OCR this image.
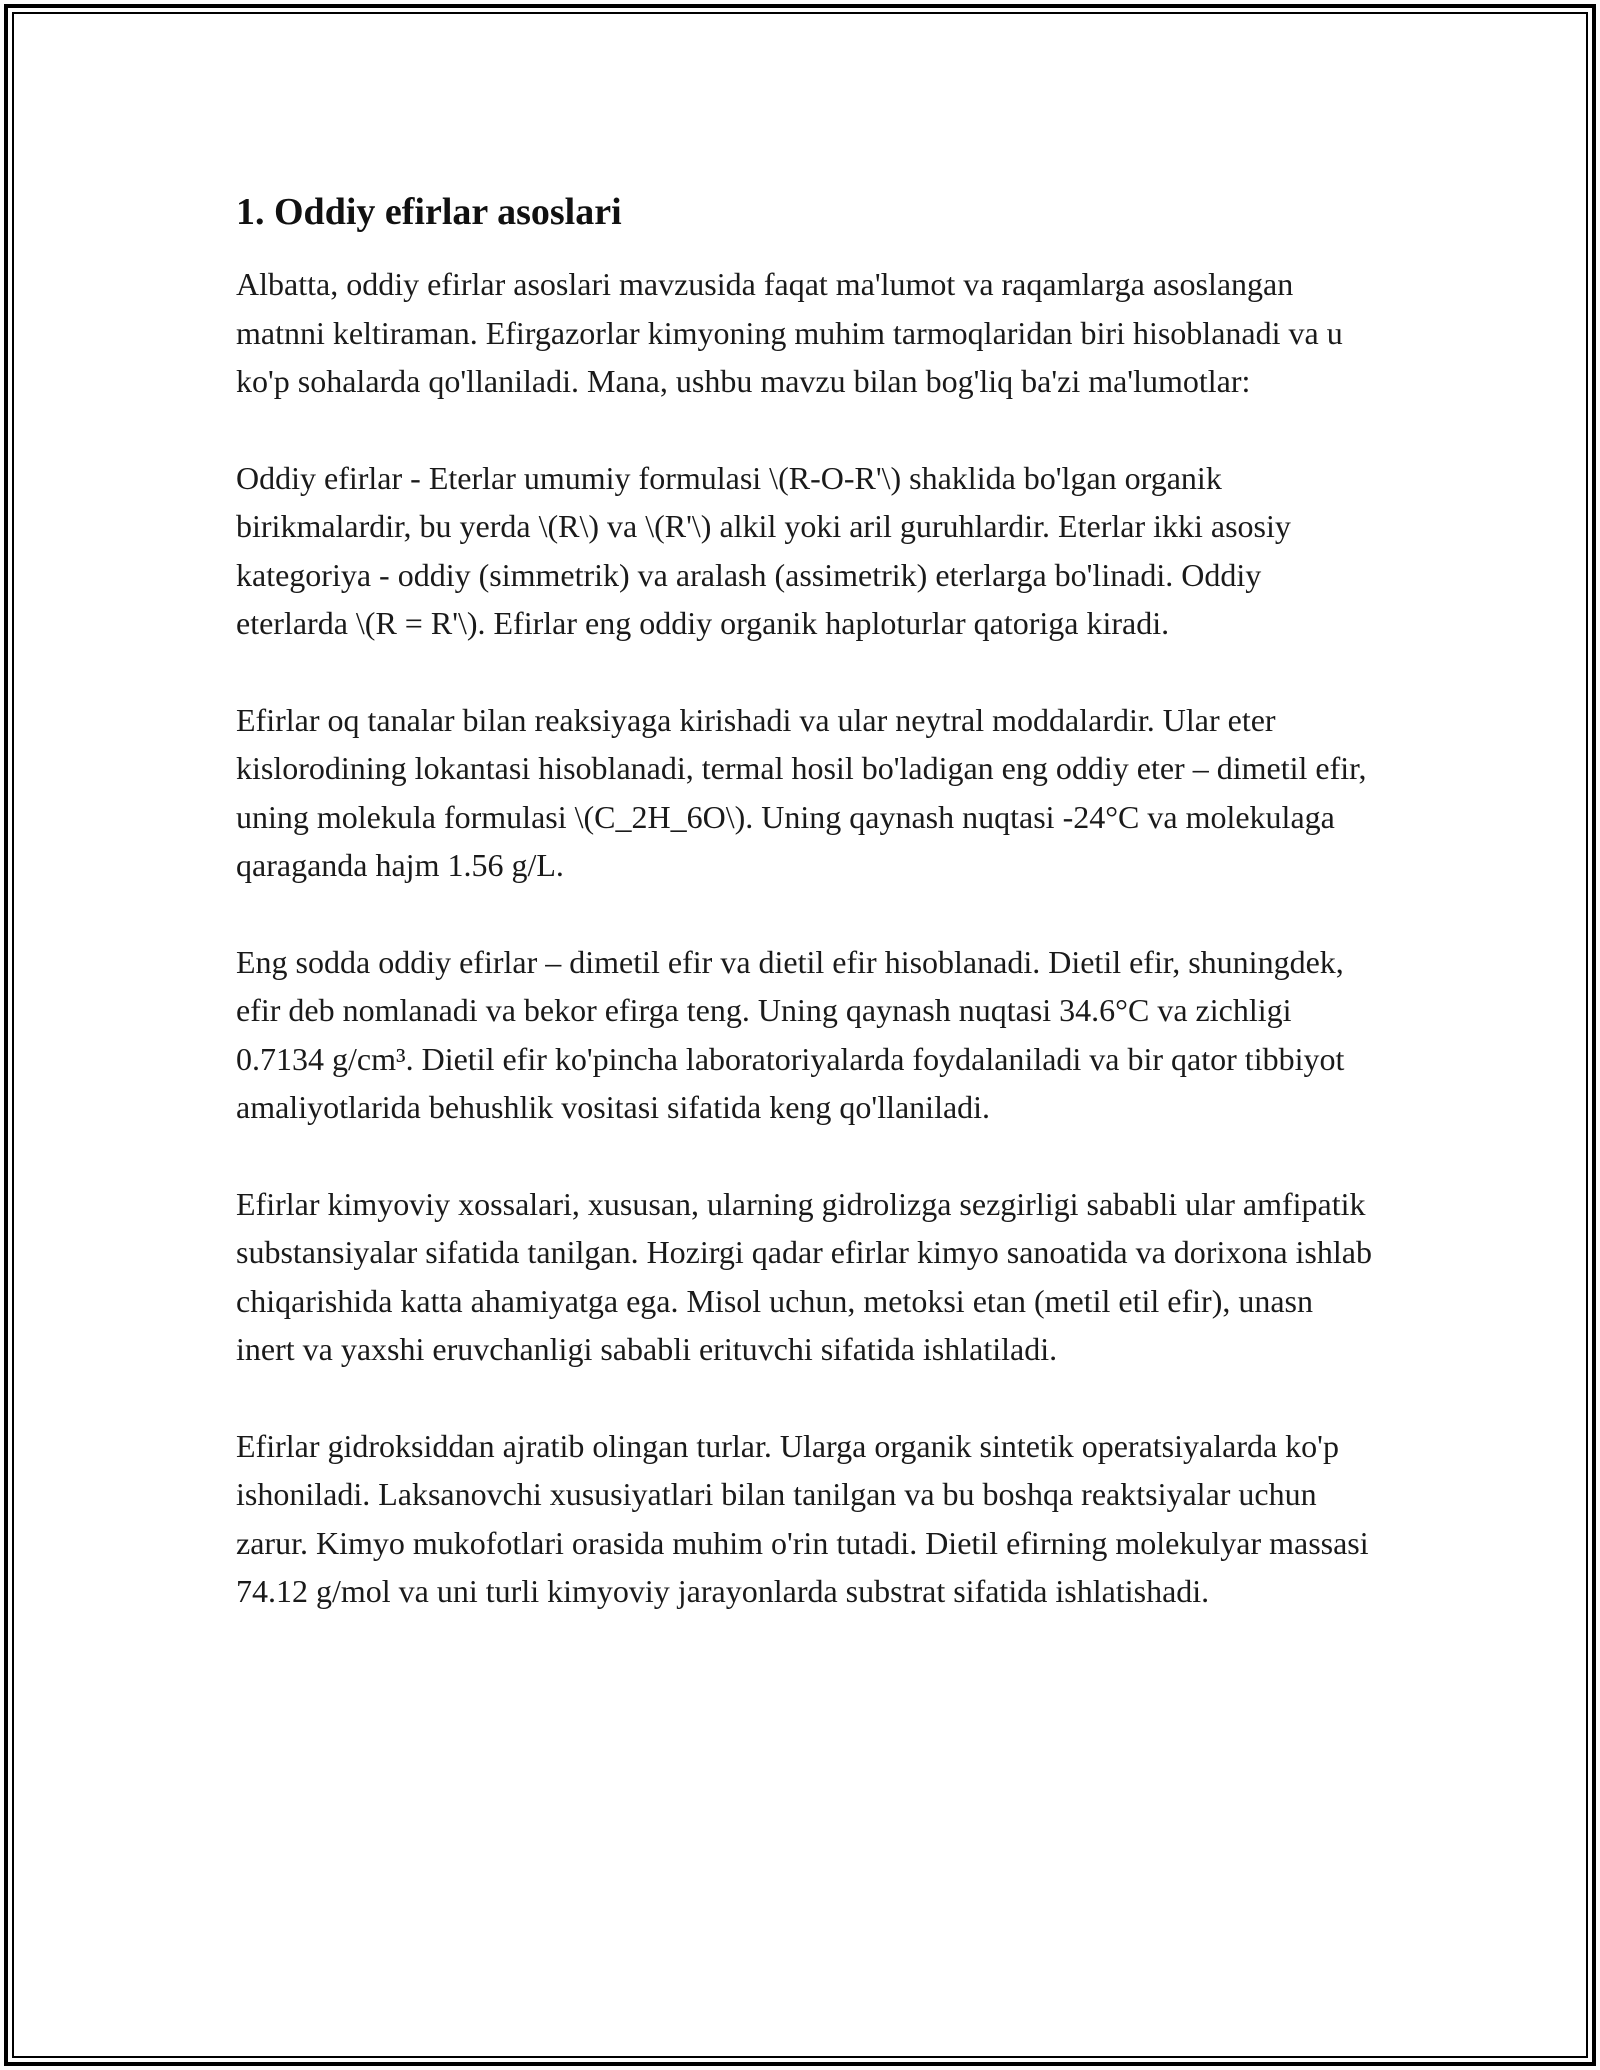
1. Oddiy efirlar asoslari

Albatta, oddiy efirlar asoslari mavzusida faqat ma'lumot va raqamlarga asoslangan matnni keltiraman. Efirgazorlar kimyoning muhim tarmoqlaridan biri hisoblanadi va u ko'p sohalarda qo'llaniladi. Mana, ushbu mavzu bilan bog'liq ba'zi ma'lumotlar:

Oddiy efirlar - Eterlar umumiy formulasi \(R-O-R'\) shaklida bo'lgan organik birikmalardir, bu yerda \(R\) va \(R'\) alkil yoki aril guruhlardir. Eterlar ikki asosiy kategoriya - oddiy (simmetrik) va aralash (assimetrik) eterlarga bo'linadi. Oddiy eterlarda \(R = R'\). Efirlar eng oddiy organik haploturlar qatoriga kiradi.

Efirlar oq tanalar bilan reaksiyaga kirishadi va ular neytral moddalardir. Ular eter kislorodining lokantasi hisoblanadi, termal hosil bo'ladigan eng oddiy eter – dimetil efir, uning molekula formulasi \(C_2H_6O\). Uning qaynash nuqtasi -24°C va molekulaga qaraganda hajm 1.56 g/L.

Eng sodda oddiy efirlar – dimetil efir va dietil efir hisoblanadi. Dietil efir, shuningdek, efir deb nomlanadi va bekor efirga teng. Uning qaynash nuqtasi 34.6°C va zichligi 0.7134 g/cm³. Dietil efir ko'pincha laboratoriyalarda foydalaniladi va bir qator tibbiyot amaliyotlarida behushlik vositasi sifatida keng qo'llaniladi.

Efirlar kimyoviy xossalari, xususan, ularning gidrolizga sezgirligi sababli ular amfipatik substansiyalar sifatida tanilgan. Hozirgi qadar efirlar kimyo sanoatida va dorixona ishlab chiqarishida katta ahamiyatga ega. Misol uchun, metoksi etan (metil etil efir), unasn inert va yaxshi eruvchanligi sababli erituvchi sifatida ishlatiladi.

Efirlar gidroksiddan ajratib olingan turlar. Ularga organik sintetik operatsiyalarda ko'p ishoniladi. Laksanovchi xususiyatlari bilan tanilgan va bu boshqa reaktsiyalar uchun zarur. Kimyo mukofotlari orasida muhim o'rin tutadi. Dietil efirning molekulyar massasi 74.12 g/mol va uni turli kimyoviy jarayonlarda substrat sifatida ishlatishadi.
